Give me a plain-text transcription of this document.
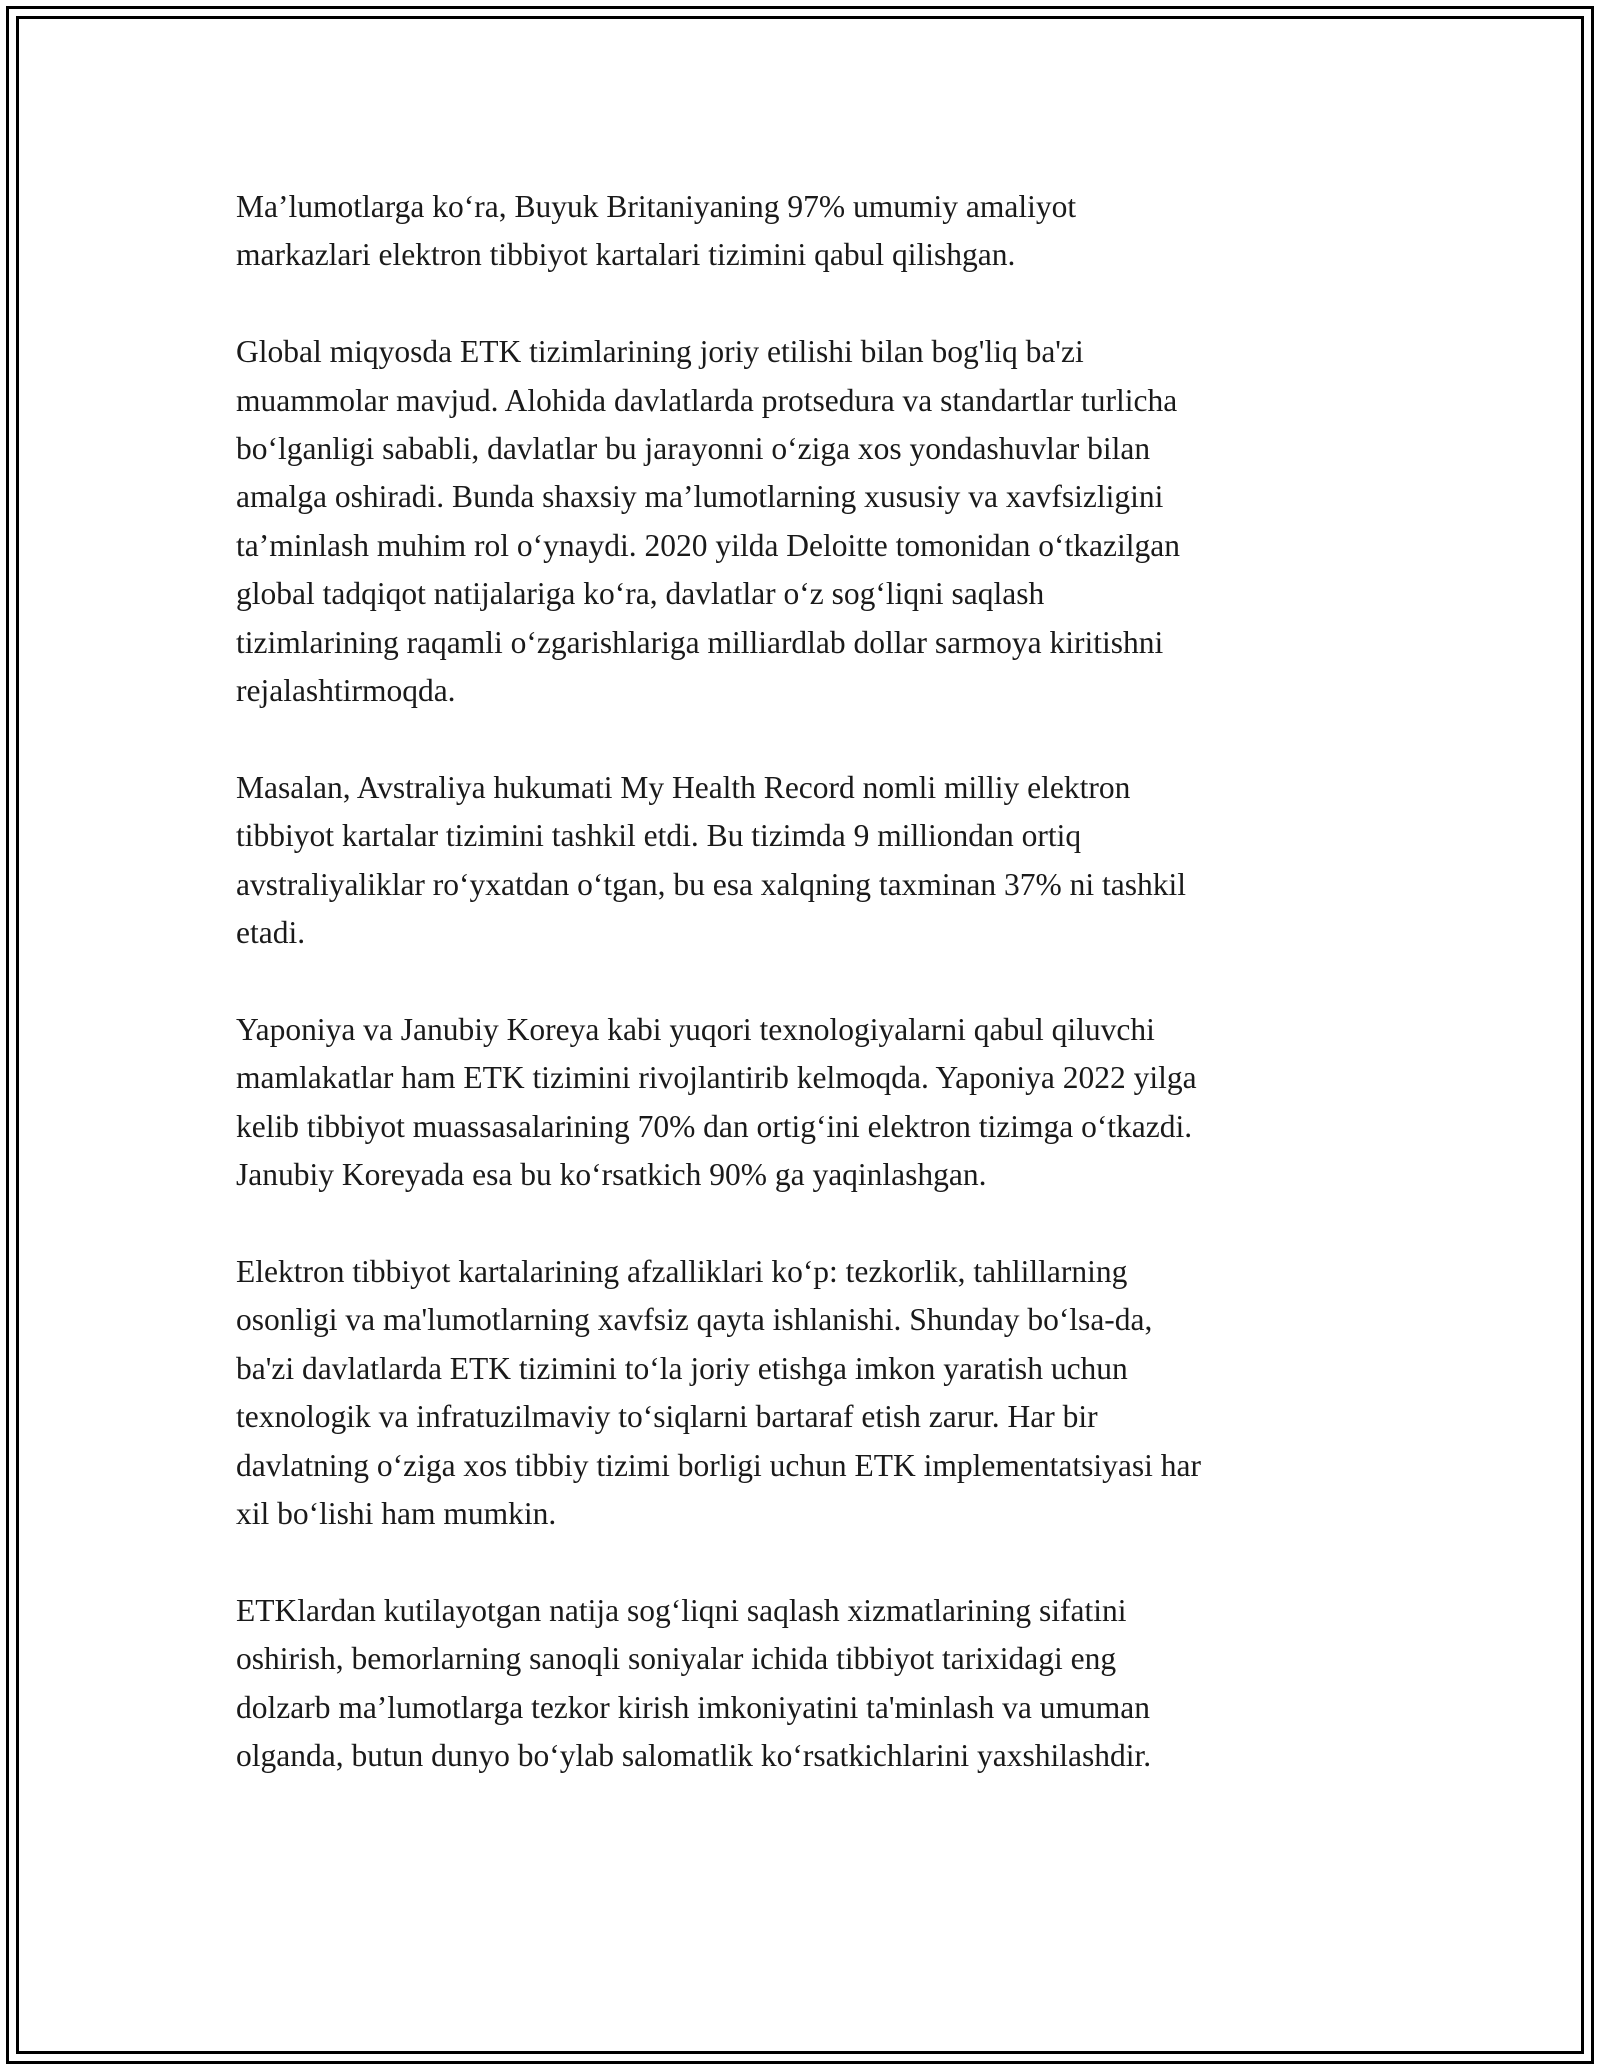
Ma’lumotlarga ko‘ra, Buyuk Britaniyaning 97% umumiy amaliyot
markazlari elektron tibbiyot kartalari tizimini qabul qilishgan.

Global miqyosda ETK tizimlarining joriy etilishi bilan bog'liq ba'zi
muammolar mavjud. Alohida davlatlarda protsedura va standartlar turlicha
bo‘lganligi sababli, davlatlar bu jarayonni o‘ziga xos yondashuvlar bilan
amalga oshiradi. Bunda shaxsiy ma’lumotlarning xususiy va xavfsizligini
ta’minlash muhim rol o‘ynaydi. 2020 yilda Deloitte tomonidan o‘tkazilgan
global tadqiqot natijalariga ko‘ra, davlatlar o‘z sog‘liqni saqlash
tizimlarining raqamli o‘zgarishlariga milliardlab dollar sarmoya kiritishni
rejalashtirmoqda.

Masalan, Avstraliya hukumati My Health Record nomli milliy elektron
tibbiyot kartalar tizimini tashkil etdi. Bu tizimda 9 milliondan ortiq
avstraliyaliklar ro‘yxatdan o‘tgan, bu esa xalqning taxminan 37% ni tashkil
etadi.

Yaponiya va Janubiy Koreya kabi yuqori texnologiyalarni qabul qiluvchi
mamlakatlar ham ETK tizimini rivojlantirib kelmoqda. Yaponiya 2022 yilga
kelib tibbiyot muassasalarining 70% dan ortig‘ini elektron tizimga o‘tkazdi.
Janubiy Koreyada esa bu ko‘rsatkich 90% ga yaqinlashgan.

Elektron tibbiyot kartalarining afzalliklari ko‘p: tezkorlik, tahlillarning
osonligi va ma'lumotlarning xavfsiz qayta ishlanishi. Shunday bo‘lsa-da,
ba'zi davlatlarda ETK tizimini to‘la joriy etishga imkon yaratish uchun
texnologik va infratuzilmaviy to‘siqlarni bartaraf etish zarur. Har bir
davlatning o‘ziga xos tibbiy tizimi borligi uchun ETK implementatsiyasi har
xil bo‘lishi ham mumkin.

ETKlardan kutilayotgan natija sog‘liqni saqlash xizmatlarining sifatini
oshirish, bemorlarning sanoqli soniyalar ichida tibbiyot tarixidagi eng
dolzarb ma’lumotlarga tezkor kirish imkoniyatini ta'minlash va umuman
olganda, butun dunyo bo‘ylab salomatlik ko‘rsatkichlarini yaxshilashdir.
